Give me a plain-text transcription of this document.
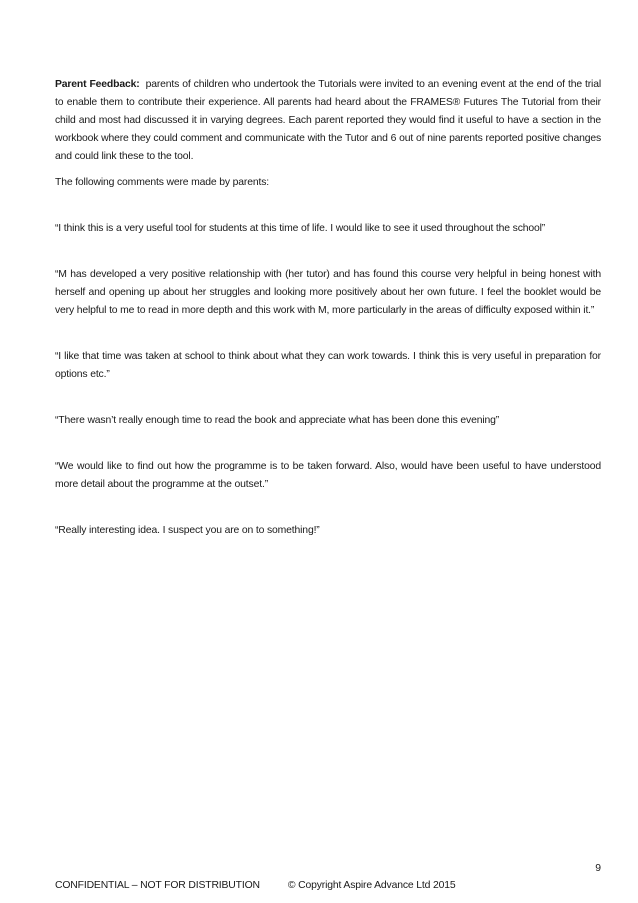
Parent Feedback: parents of children who undertook the Tutorials were invited to an evening event at the end of the trial to enable them to contribute their experience. All parents had heard about the FRAMES® Futures The Tutorial from their child and most had discussed it in varying degrees. Each parent reported they would find it useful to have a section in the workbook where they could comment and communicate with the Tutor and 6 out of nine parents reported positive changes and could link these to the tool.

The following comments were made by parents:

“I think this is a very useful tool for students at this time of life. I would like to see it used throughout the school”

“M has developed a very positive relationship with (her tutor) and has found this course very helpful in being honest with herself and opening up about her struggles and looking more positively about her own future. I feel the booklet would be very helpful to me to read in more depth and this work with M, more particularly in the areas of difficulty exposed within it.”

“I like that time was taken at school to think about what they can work towards. I think this is very useful in preparation for options etc.”

“There wasn’t really enough time to read the book and appreciate what has been done this evening”

“We would like to find out how the programme is to be taken forward. Also, would have been useful to have understood more detail about the programme at the outset.”

“Really interesting idea. I suspect you are on to something!”

9
CONFIDENTIAL – NOT FOR DISTRIBUTION	© Copyright Aspire Advance Ltd 2015
